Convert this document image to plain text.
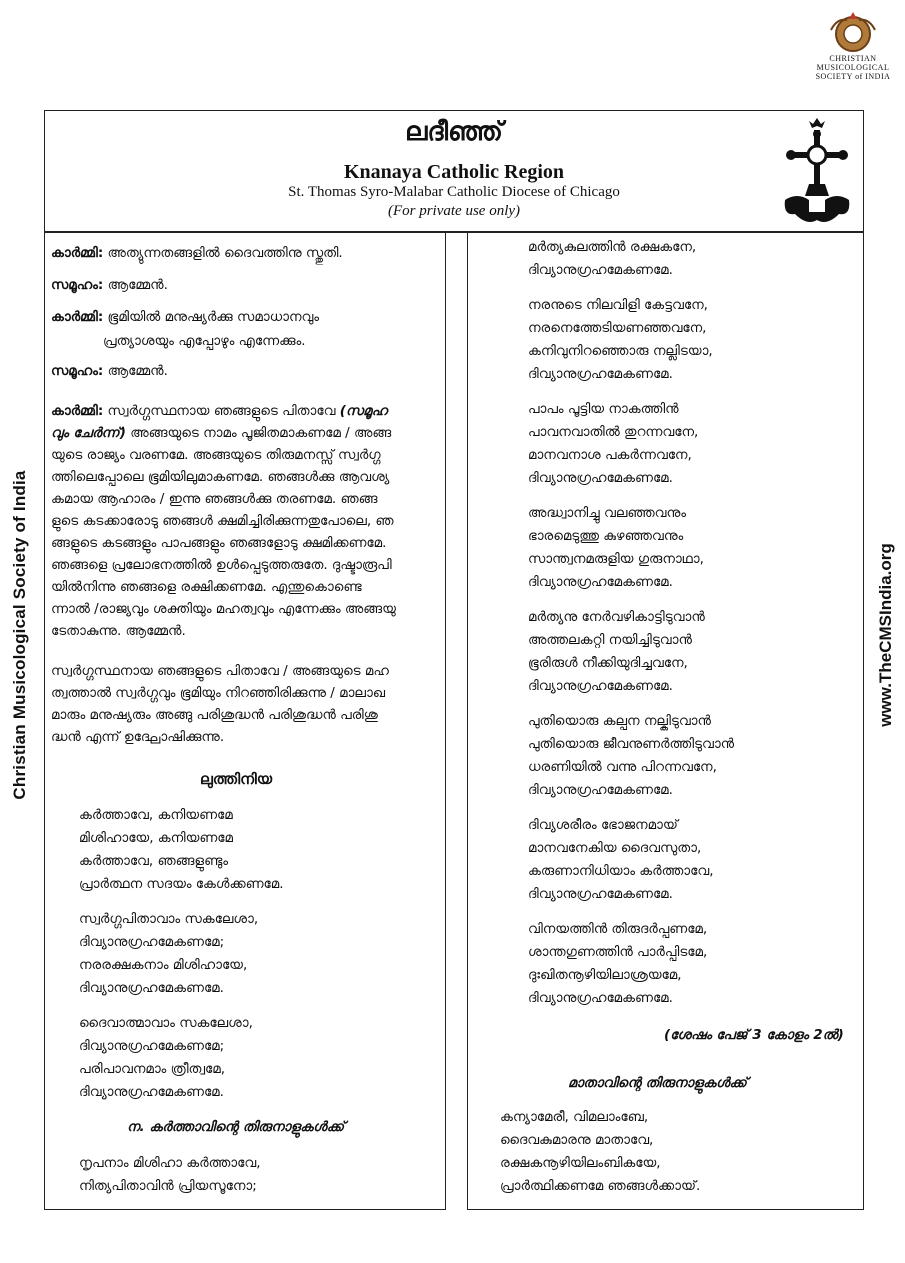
Christian Musicological Society of India	www.TheCMSIndia.org
CHRISTIAN
MUSICOLOGICAL
SOCIETY of INDIA
ലദീഞ്ഞ്
Knanaya Catholic Region
St. Thomas Syro-Malabar Catholic Diocese of Chicago
(For private use only)
കാർമ്മി: അത്യുന്നതങ്ങളിൽ ദൈവത്തിനു സ്തുതി.
സമൂഹം: ആമ്മേൻ.
കാർമ്മി: ഭൂമിയിൽ മനുഷ്യർക്കു സമാധാനവും
പ്രത്യാശയും എപ്പോഴും എന്നേക്കും.
സമൂഹം: ആമ്മേൻ.
കാർമ്മി: സ്വർഗ്ഗസ്ഥനായ ഞങ്ങളുടെ പിതാവേ (സമൂഹ
വും ചേർന്ന്) അങ്ങയുടെ നാമം പൂജിതമാകണമേ / അങ്ങ
യുടെ രാജ്യം വരണമേ. അങ്ങയുടെ തിരുമനസ്സ് സ്വർഗ്ഗ
ത്തിലെപ്പോലെ ഭൂമിയിലുമാകണമേ. ഞങ്ങൾക്കു ആവശ്യ
കമായ ആഹാരം / ഇന്നു ഞങ്ങൾക്കു തരണമേ. ഞങ്ങ
ളുടെ കടക്കാരോടു ഞങ്ങൾ ക്ഷമിച്ചിരിക്കുന്നതുപോലെ, ഞ
ങ്ങളുടെ കടങ്ങളും പാപങ്ങളും ഞങ്ങളോടു ക്ഷമിക്കണമേ.
ഞങ്ങളെ പ്രലോഭനത്തിൽ ഉൾപ്പെടുത്തരുതേ. ദുഷ്ടാരൂപി
യിൽനിന്നു ഞങ്ങളെ രക്ഷിക്കണമേ. എന്തുകൊണ്ടെ
ന്നാൽ /രാജ്യവും ശക്തിയും മഹത്വവും എന്നേക്കും അങ്ങയു
ടേതാകുന്നു. ആമ്മേൻ.
സ്വർഗ്ഗസ്ഥനായ ഞങ്ങളുടെ പിതാവേ / അങ്ങയുടെ മഹ
ത്വത്താൽ സ്വർഗ്ഗവും ഭൂമിയും നിറഞ്ഞിരിക്കുന്നു / മാലാഖ
മാരും മനുഷ്യരും അങ്ങു പരിശുദ്ധൻ പരിശുദ്ധൻ പരിശു
ദ്ധൻ എന്ന് ഉദ്ഘോഷിക്കുന്നു.
ലുത്തിനിയ
കർത്താവേ, കനിയണമേ
മിശിഹായേ, കനിയണമേ
കർത്താവേ, ഞങ്ങളുണ്ടും
പ്രാർത്ഥന സദയം കേൾക്കണമേ.
സ്വർഗ്ഗപിതാവാം സകലേശാ,
ദിവ്യാനുഗ്രഹമേകണമേ;
നരരക്ഷകനാം മിശിഹായേ,
ദിവ്യാനുഗ്രഹമേകണമേ.
ദൈവാത്മാവാം സകലേശാ,
ദിവ്യാനുഗ്രഹമേകണമേ;
പരിപാവനമാം ത്രീത്വമേ,
ദിവ്യാനുഗ്രഹമേകണമേ.
ന. കർത്താവിന്റെ തിരുനാളുകൾക്ക്
നൃപനാം മിശിഹാ കർത്താവേ,
നിത്യപിതാവിൻ പ്രിയസൂനോ;
മർത്യകുലത്തിൻ രക്ഷകനേ,
ദിവ്യാനുഗ്രഹമേകണമേ.
നരനുടെ നിലവിളി കേട്ടവനേ,
നരനെത്തേടിയണഞ്ഞവനേ,
കനിവുനിറഞ്ഞൊരു നല്ലിടയാ,
ദിവ്യാനുഗ്രഹമേകണമേ.
പാപം പൂട്ടിയ നാകത്തിൻ
പാവനവാതിൽ തുറന്നവനേ,
മാനവനാശ പകർന്നവനേ,
ദിവ്യാനുഗ്രഹമേകണമേ.
അദ്ധ്വാനിച്ചു വലഞ്ഞവനും
ഭാരമെടുത്തു കുഴഞ്ഞവനും
സാന്ത്വനമരുളിയ ഗുരുനാഥാ,
ദിവ്യാനുഗ്രഹമേകണമേ.
മർത്യനു നേർവഴികാട്ടിടുവാൻ
അത്തലകറ്റി നയിച്ചിടുവാൻ
ഭൂരിരുൾ നീക്കിയുദിച്ചവനേ,
ദിവ്യാനുഗ്രഹമേകണമേ.
പുതിയൊരു കല്പന നല്കിടുവാൻ
പുതിയൊരു ജീവനുണർത്തിടുവാൻ
ധരണിയിൽ വന്നു പിറന്നവനേ,
ദിവ്യാനുഗ്രഹമേകണമേ.
ദിവ്യശരീരം ഭോജനമായ്
മാനവനേകിയ ദൈവസുതാ,
കരുണാനിധിയാം കർത്താവേ,
ദിവ്യാനുഗ്രഹമേകണമേ.
വിനയത്തിൻ തിരുദർപ്പണമേ,
ശാന്തഗുണത്തിൻ പാർപ്പിടമേ,
ദുഃഖിതനൂഴിയിലാശ്രയമേ,
ദിവ്യാനുഗ്രഹമേകണമേ.
(ശേഷം പേജ് 3 കോളം 2ൽ)
മാതാവിന്റെ തിരുനാളുകൾക്ക്
കന്യാമേരീ, വിമലാംബേ,
ദൈവകുമാരനു മാതാവേ,
രക്ഷകനൂഴിയിലംബികയേ,
പ്രാർത്ഥിക്കണമേ ഞങ്ങൾക്കായ്.
